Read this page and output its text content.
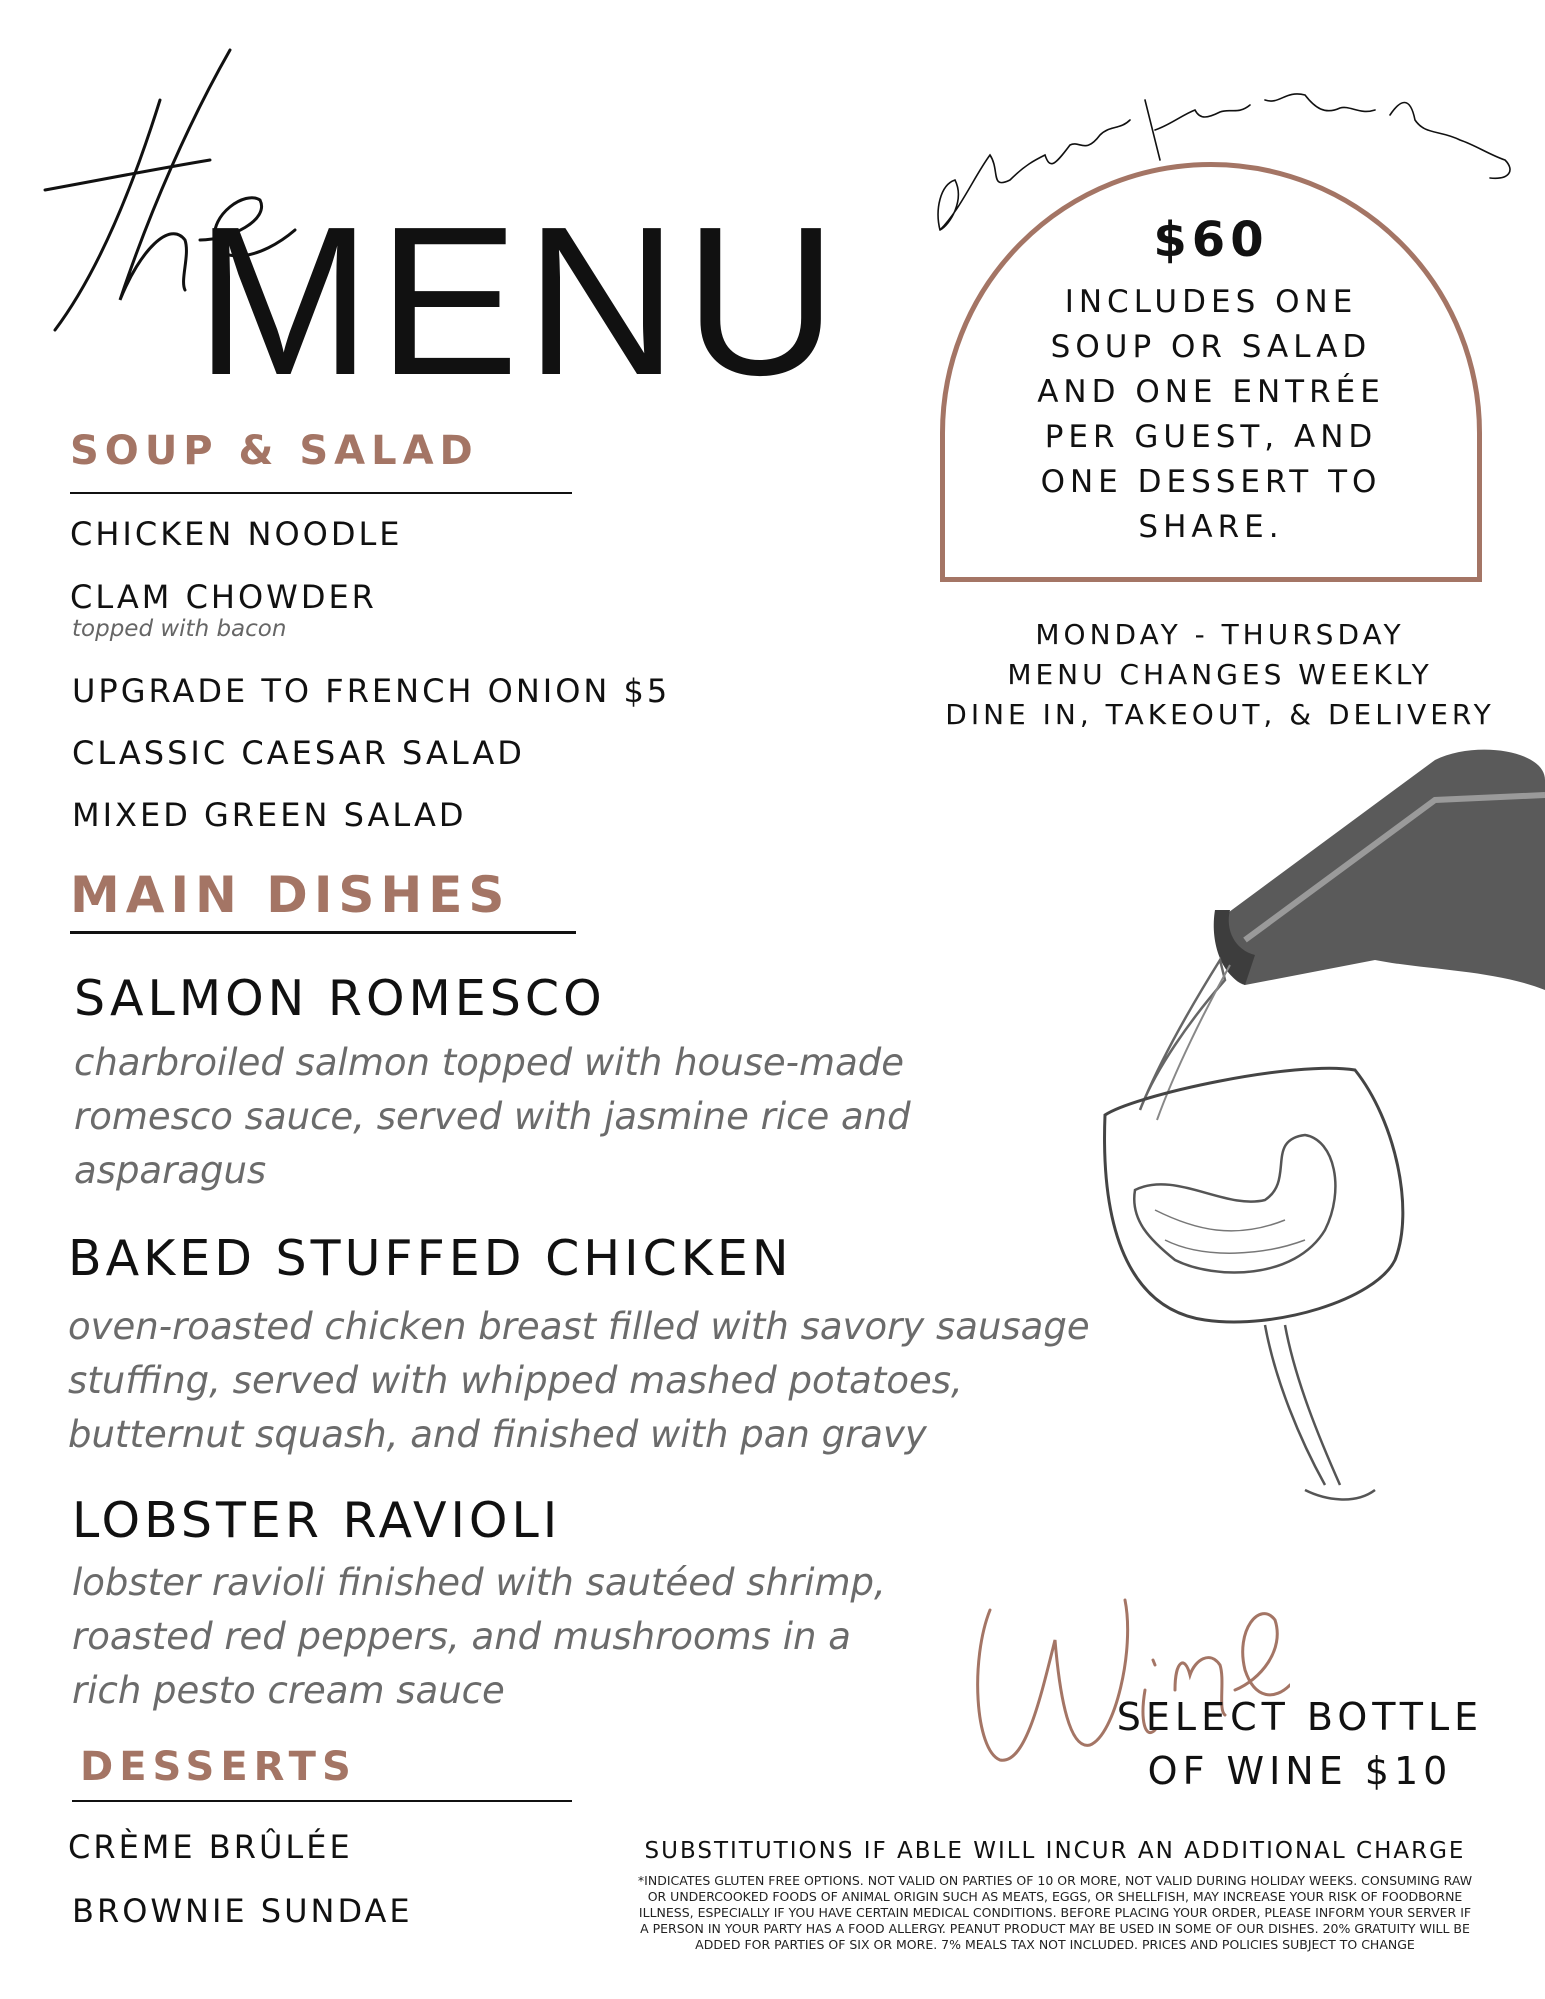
MENU	$60
INCLUDES ONE
SOUP OR SALAD
AND ONE ENTRÉE
PER GUEST, AND
ONE DESSERT TO
SHARE.
MONDAY - THURSDAY
MENU CHANGES WEEKLY
DINE IN, TAKEOUT, & DELIVERY
SOUP & SALAD
CHICKEN NOODLE
CLAM CHOWDER
topped with bacon
UPGRADE TO FRENCH ONION $5
CLASSIC CAESAR SALAD
MIXED GREEN SALAD
MAIN DISHES
SALMON ROMESCO
charbroiled salmon topped with house-made
romesco sauce, served with jasmine rice and
asparagus
BAKED STUFFED CHICKEN
oven-roasted chicken breast filled with savory sausage
stuffing, served with whipped mashed potatoes,
butternut squash, and finished with pan gravy
LOBSTER RAVIOLI
lobster ravioli finished with sautéed shrimp,
roasted red peppers, and mushrooms in a
rich pesto cream sauce
DESSERTS
CRÈME BRÛLÉE
BROWNIE SUNDAE
SELECT BOTTLE
OF WINE $10
SUBSTITUTIONS IF ABLE WILL INCUR AN ADDITIONAL CHARGE
*INDICATES GLUTEN FREE OPTIONS. NOT VALID ON PARTIES OF 10 OR MORE, NOT VALID DURING HOLIDAY WEEKS. CONSUMING RAW
OR UNDERCOOKED FOODS OF ANIMAL ORIGIN SUCH AS MEATS, EGGS, OR SHELLFISH, MAY INCREASE YOUR RISK OF FOODBORNE
ILLNESS, ESPECIALLY IF YOU HAVE CERTAIN MEDICAL CONDITIONS. BEFORE PLACING YOUR ORDER, PLEASE INFORM YOUR SERVER IF
A PERSON IN YOUR PARTY HAS A FOOD ALLERGY. PEANUT PRODUCT MAY BE USED IN SOME OF OUR DISHES. 20% GRATUITY WILL BE
ADDED FOR PARTIES OF SIX OR MORE. 7% MEALS TAX NOT INCLUDED. PRICES AND POLICIES SUBJECT TO CHANGE
